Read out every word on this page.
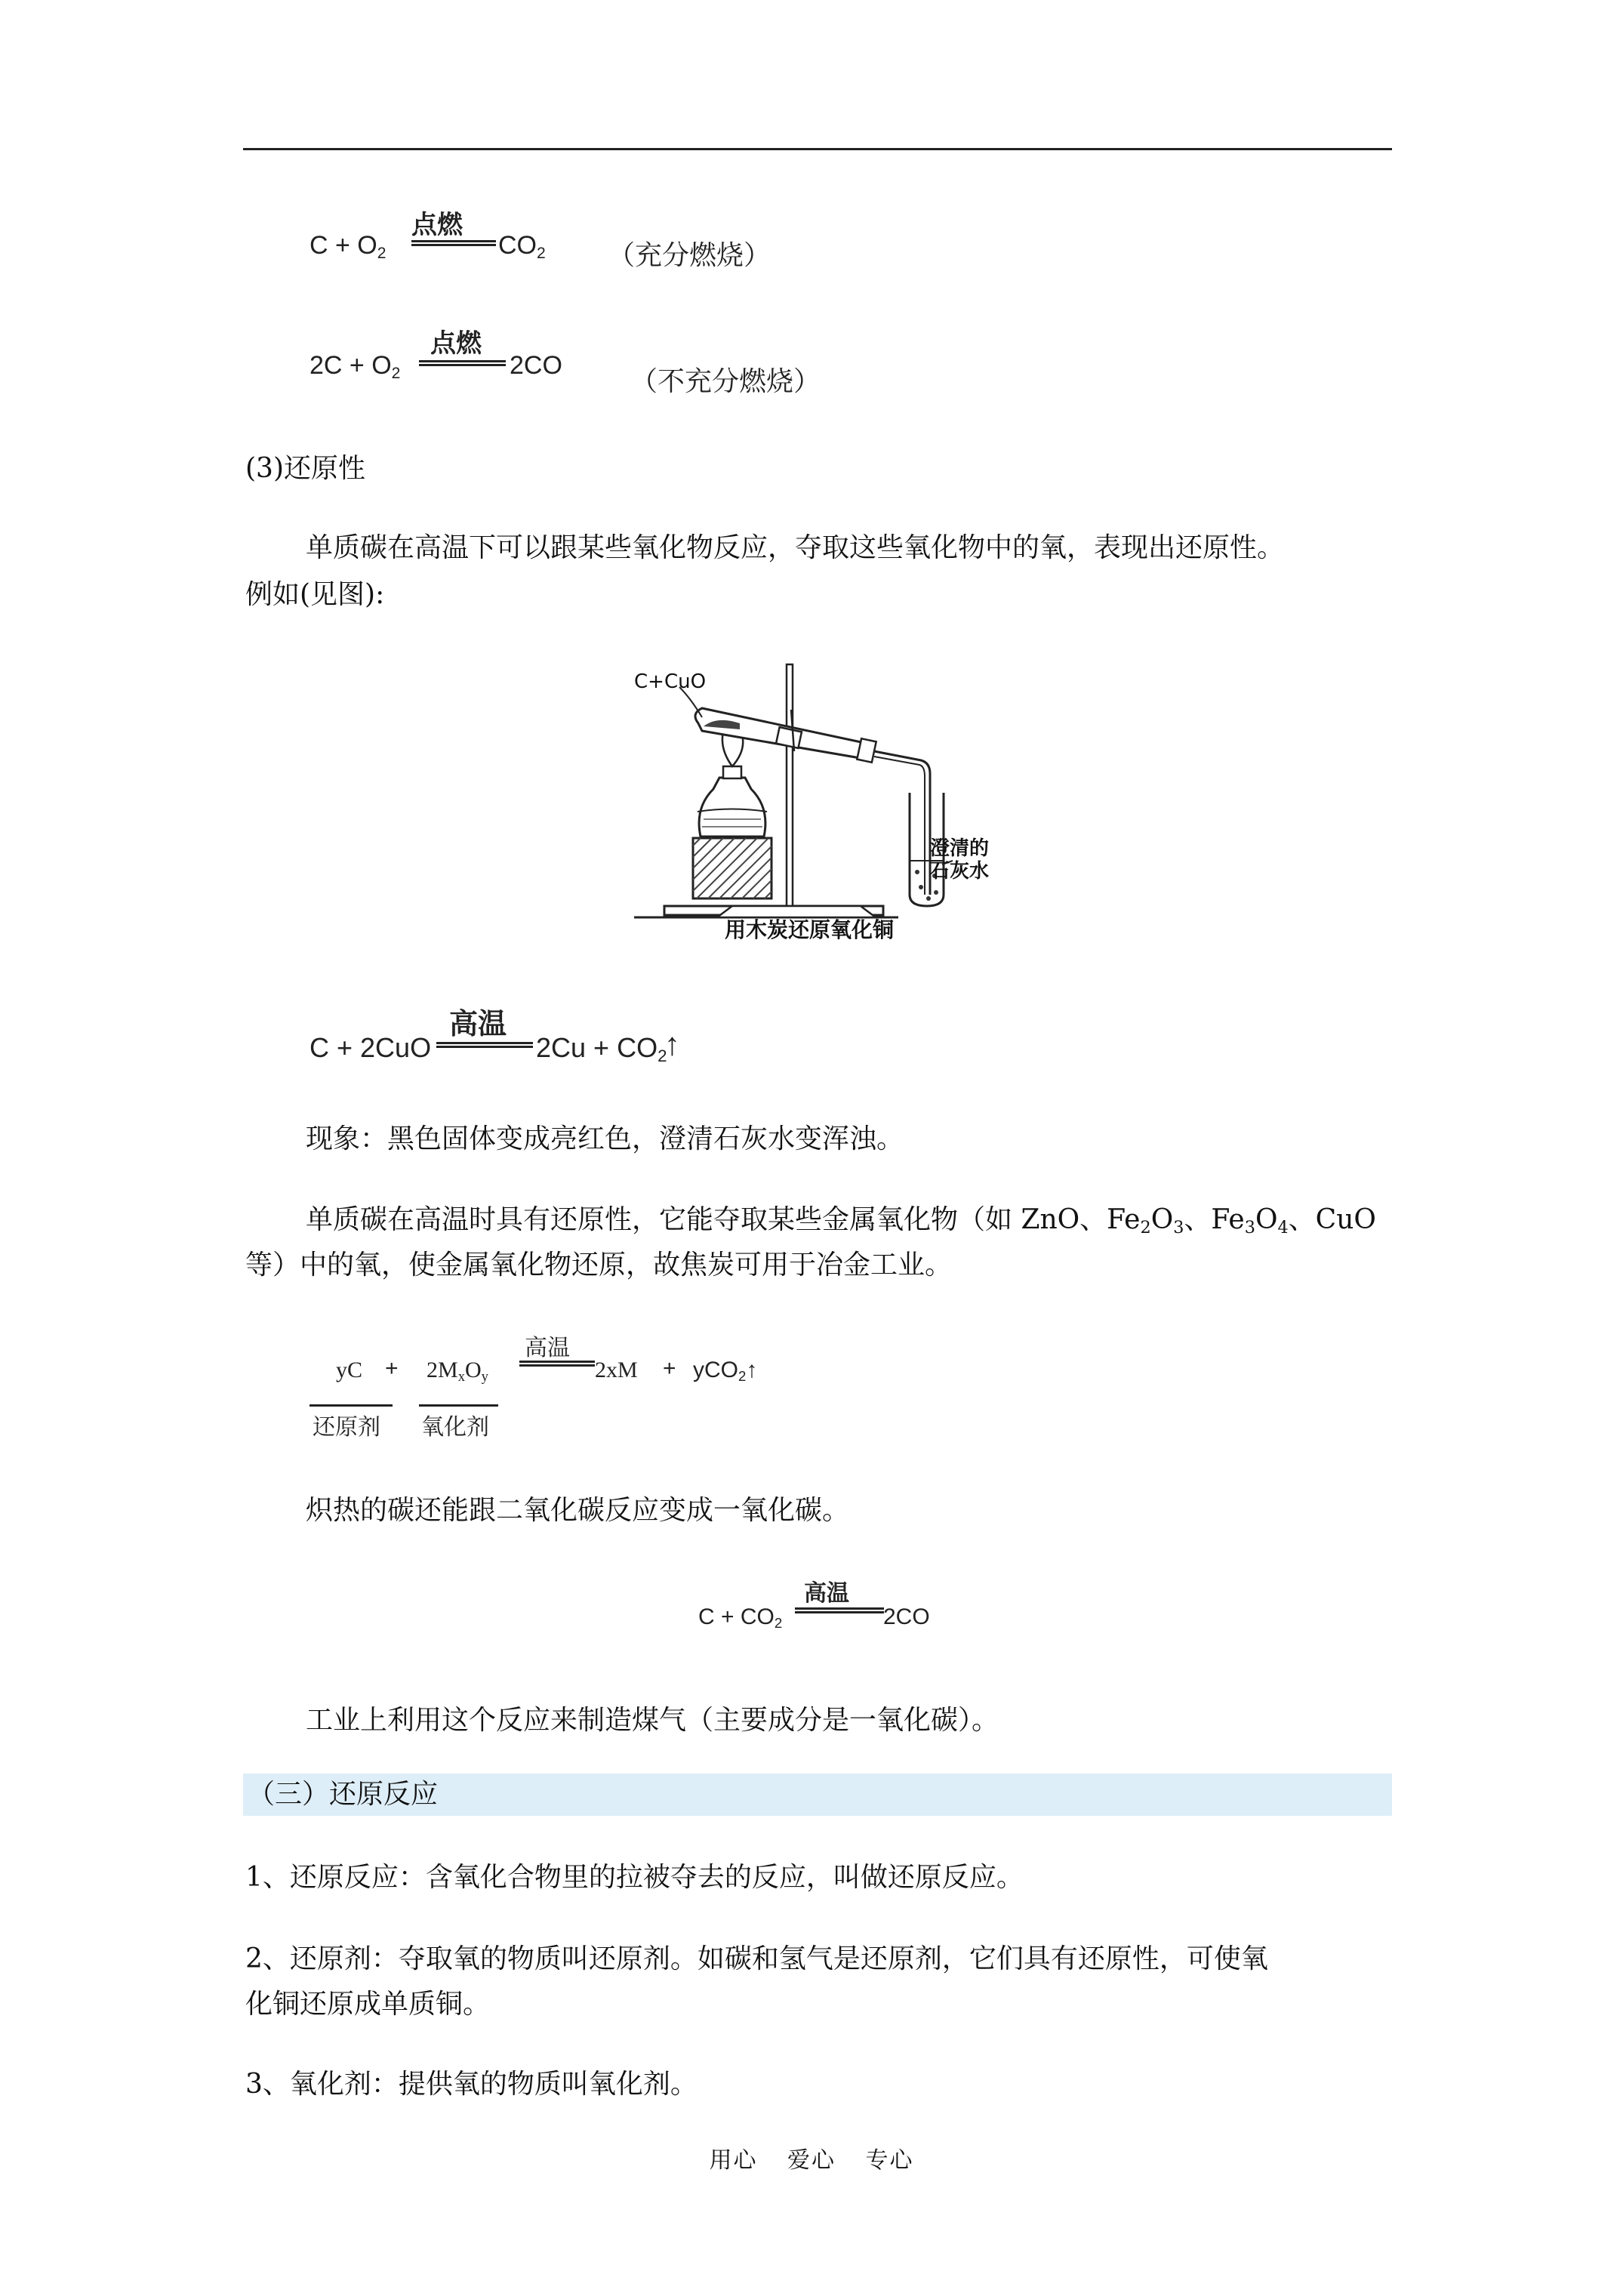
$C + O_2$
点燃
$CO_2$ （充分燃烧）
$2C + O_2$
点燃
2CO
（不充分燃烧）
(3)还原性
单质碳在高温下可以跟某些氧化物反应，夺取这些氧化物中的氧，表现出还原性。
例如(见图):
C+CuO
澄清的
石灰水
用木炭还原氧化铜
C + 2CuO
高温
$2Cu + CO_2$
↑
现象：黑色固体变成亮红色，澄清石灰水变浑浊。
单质碳在高温时具有还原性，它能夺取某些金属氧化物（如 ZnO、$Fe_2O_3$、$Fe_3O_4$、CuO
等）中的氧，使金属氧化物还原，故焦炭可用于冶金工业。
yC + $2M_xO_y$
高温
2xM + yCO$_2$↑
还原剂 氧化剂
炽热的碳还能跟二氧化碳反应变成一氧化碳。
$C + CO_2$
高温
2CO
工业上利用这个反应来制造煤气（主要成分是一氧化碳）。
（三）还原反应
1、还原反应：含氧化合物里的拉被夺去的反应，叫做还原反应。
2、还原剂：夺取氧的物质叫还原剂。如碳和氢气是还原剂，它们具有还原性，可使氧
化铜还原成单质铜。
3、氧化剂：提供氧的物质叫氧化剂。
用心 爱心 专心
